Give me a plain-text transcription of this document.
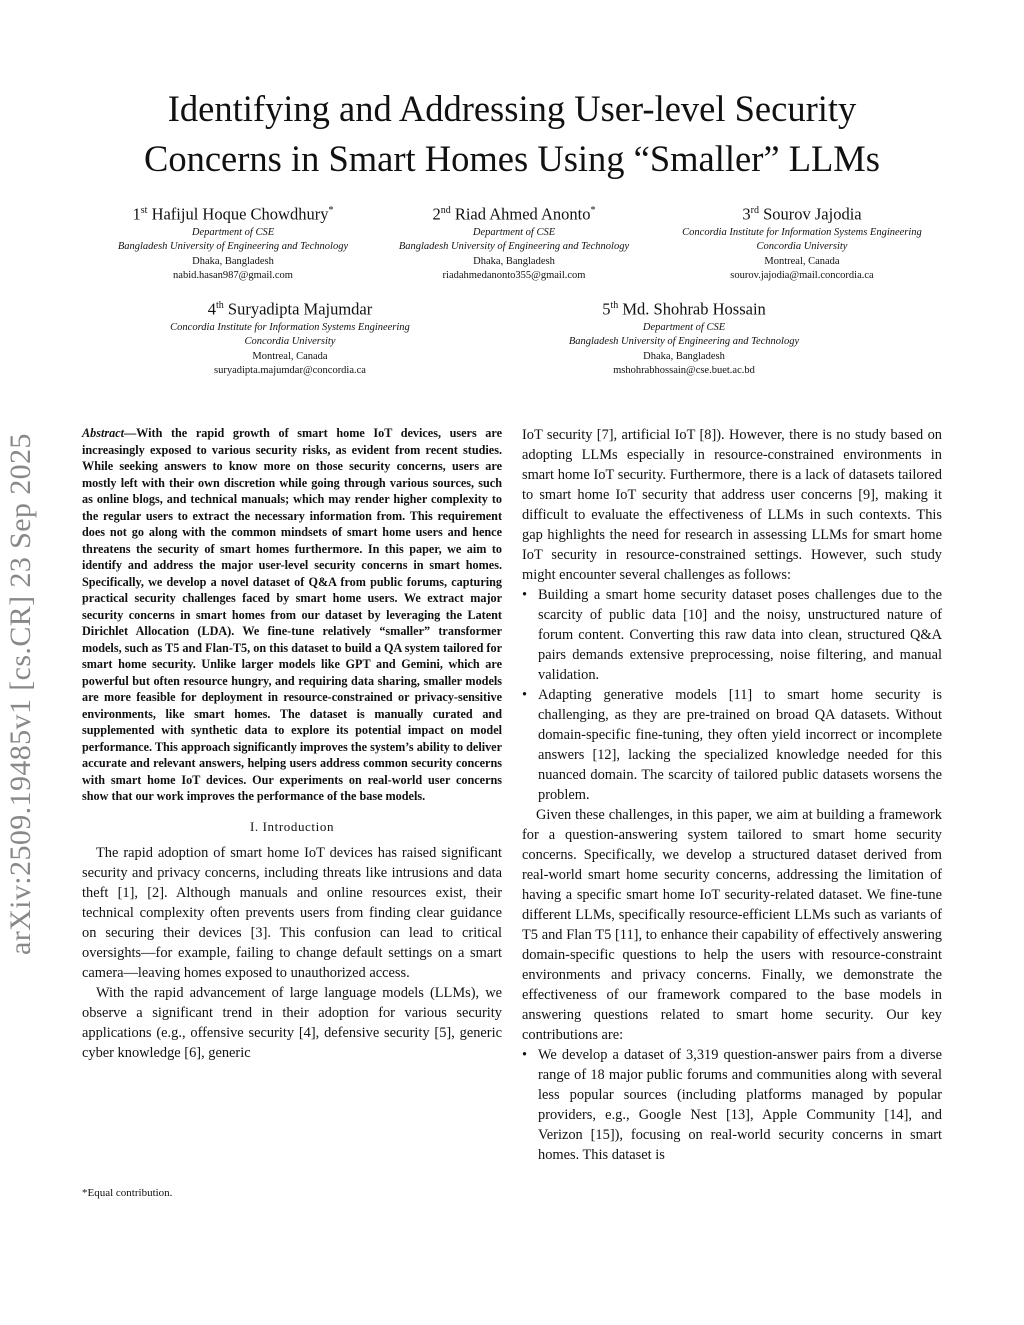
Identifying and Addressing User-level Security
Concerns in Smart Homes Using “Smaller” LLMs
1st Hafijul Hoque Chowdhury*
Department of CSE
Bangladesh University of Engineering and Technology
Dhaka, Bangladesh
nabid.hasan987@gmail.com
2nd Riad Ahmed Anonto*
Department of CSE
Bangladesh University of Engineering and Technology
Dhaka, Bangladesh
riadahmedanonto355@gmail.com
3rd Sourov Jajodia
Concordia Institute for Information Systems Engineering
Concordia University
Montreal, Canada
sourov.jajodia@mail.concordia.ca
4th Suryadipta Majumdar
Concordia Institute for Information Systems Engineering
Concordia University
Montreal, Canada
suryadipta.majumdar@concordia.ca
5th Md. Shohrab Hossain
Department of CSE
Bangladesh University of Engineering and Technology
Dhaka, Bangladesh
mshohrabhossain@cse.buet.ac.bd
arXiv:2509.19485v1 [cs.CR] 23 Sep 2025

Abstract—With the rapid growth of smart home IoT devices, users are increasingly exposed to various security risks, as evident from recent studies. While seeking answers to know more on those security concerns, users are mostly left with their own discretion while going through various sources, such as online blogs, and technical manuals; which may render higher complexity to the regular users to extract the necessary information from. This requirement does not go along with the common mindsets of smart home users and hence threatens the security of smart homes furthermore. In this paper, we aim to identify and address the major user-level security concerns in smart homes. Specifically, we develop a novel dataset of Q&A from public forums, capturing practical security challenges faced by smart home users. We extract major security concerns in smart homes from our dataset by leveraging the Latent Dirichlet Allocation (LDA). We fine-tune relatively “smaller” transformer models, such as T5 and Flan-T5, on this dataset to build a QA system tailored for smart home security. Unlike larger models like GPT and Gemini, which are powerful but often resource hungry, and requiring data sharing, smaller models are more feasible for deployment in resource-constrained or privacy-sensitive environments, like smart homes. The dataset is manually curated and supplemented with synthetic data to explore its potential impact on model performance. This approach significantly improves the system’s ability to deliver accurate and relevant answers, helping users address common security concerns with smart home IoT devices. Our experiments on real-world user concerns show that our work improves the performance of the base models.

I. Introduction

The rapid adoption of smart home IoT devices has raised significant security and privacy concerns, including threats like intrusions and data theft [1], [2]. Although manuals and online resources exist, their technical complexity often prevents users from finding clear guidance on securing their devices [3]. This confusion can lead to critical oversights—for example, failing to change default settings on a smart camera—leaving homes exposed to unauthorized access.

With the rapid advancement of large language models (LLMs), we observe a significant trend in their adoption for various security applications (e.g., offensive security [4], defensive security [5], generic cyber knowledge [6], generic

*Equal contribution.

IoT security [7], artificial IoT [8]). However, there is no study based on adopting LLMs especially in resource-constrained environments in smart home IoT security. Furthermore, there is a lack of datasets tailored to smart home IoT security that address user concerns [9], making it difficult to evaluate the effectiveness of LLMs in such contexts. This gap highlights the need for research in assessing LLMs for smart home IoT security in resource-constrained settings. However, such study might encounter several challenges as follows:

• Building a smart home security dataset poses challenges due to the scarcity of public data [10] and the noisy, unstructured nature of forum content. Converting this raw data into clean, structured Q&A pairs demands extensive preprocessing, noise filtering, and manual validation.
• Adapting generative models [11] to smart home security is challenging, as they are pre-trained on broad QA datasets. Without domain-specific fine-tuning, they often yield incorrect or incomplete answers [12], lacking the specialized knowledge needed for this nuanced domain. The scarcity of tailored public datasets worsens the problem.

Given these challenges, in this paper, we aim at building a framework for a question-answering system tailored to smart home security concerns. Specifically, we develop a structured dataset derived from real-world smart home security concerns, addressing the limitation of having a specific smart home IoT security-related dataset. We fine-tune different LLMs, specifically resource-efficient LLMs such as variants of T5 and Flan T5 [11], to enhance their capability of effectively answering domain-specific questions to help the users with resource-constraint environments and privacy concerns. Finally, we demonstrate the effectiveness of our framework compared to the base models in answering questions related to smart home security. Our key contributions are:

• We develop a dataset of 3,319 question-answer pairs from a diverse range of 18 major public forums and communities along with several less popular sources (including platforms managed by popular providers, e.g., Google Nest [13], Apple Community [14], and Verizon [15]), focusing on real-world security concerns in smart homes. This dataset is
